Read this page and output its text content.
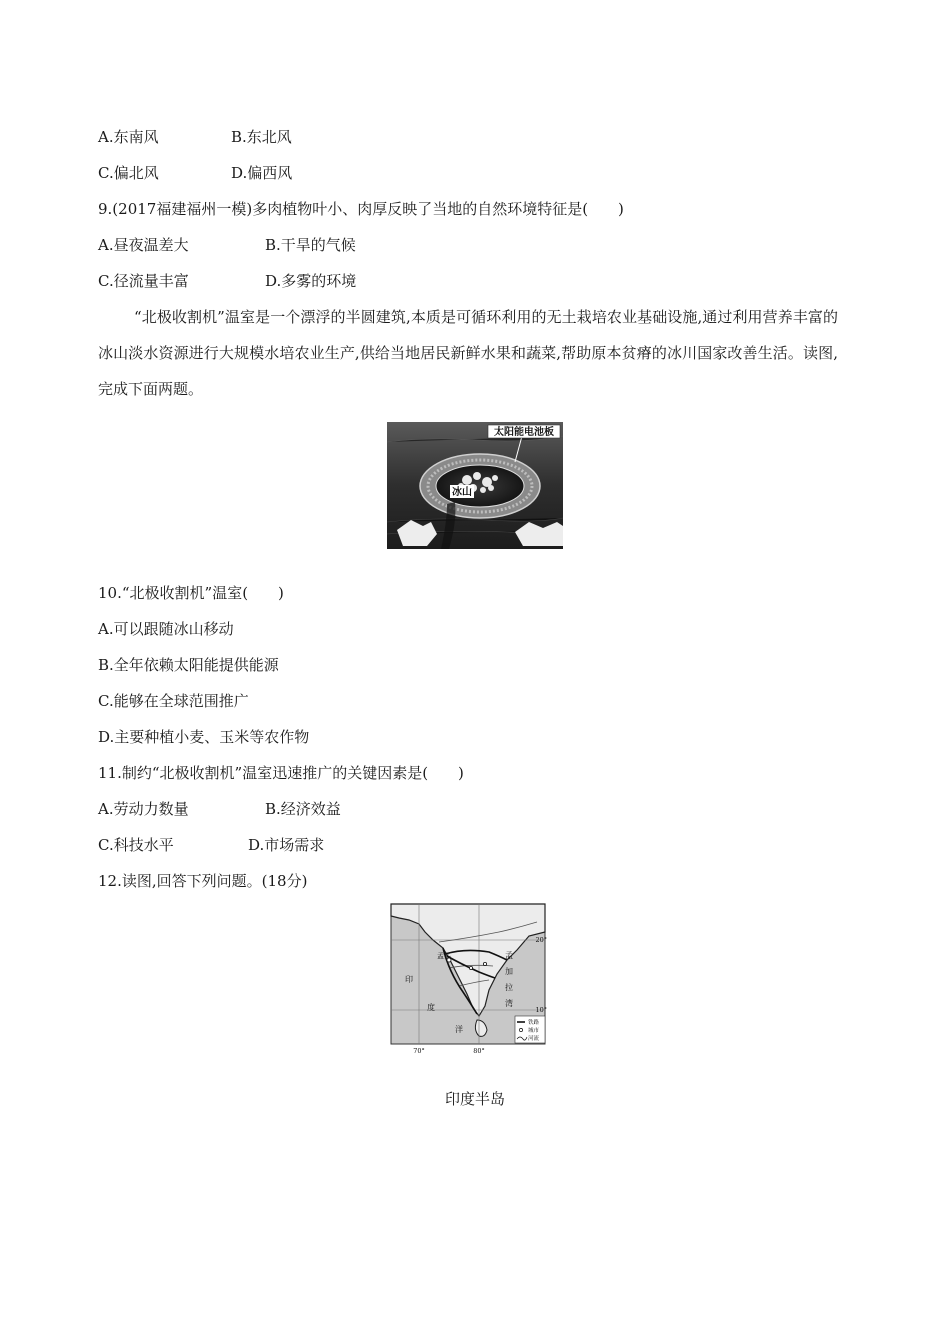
A.东南风	B.东北风
C.偏北风	D.偏西风
9.(2017福建福州一模)多肉植物叶小、肉厚反映了当地的自然环境特征是(　　)
A.昼夜温差大	B.干旱的气候
C.径流量丰富	D.多雾的环境
“北极收割机”温室是一个漂浮的半圆建筑,本质是可循环利用的无土栽培农业基础设施,通过利用营养丰富的冰山淡水资源进行大规模水培农业生产,供给当地居民新鲜水果和蔬菜,帮助原本贫瘠的冰川国家改善生活。读图,完成下面两题。
太阳能电池板
冰山
10.“北极收割机”温室(　　)
A.可以跟随冰山移动
B.全年依赖太阳能提供能源
C.能够在全球范围推广
D.主要种植小麦、玉米等农作物
11.制约“北极收割机”温室迅速推广的关键因素是(　　)
A.劳动力数量	B.经济效益
C.科技水平	D.市场需求
12.读图,回答下列问题。(18分)
孟买
印
度
洋
孟
加
拉
湾
20°
10°
70°	80°
铁路
城市
河流
印度半岛
